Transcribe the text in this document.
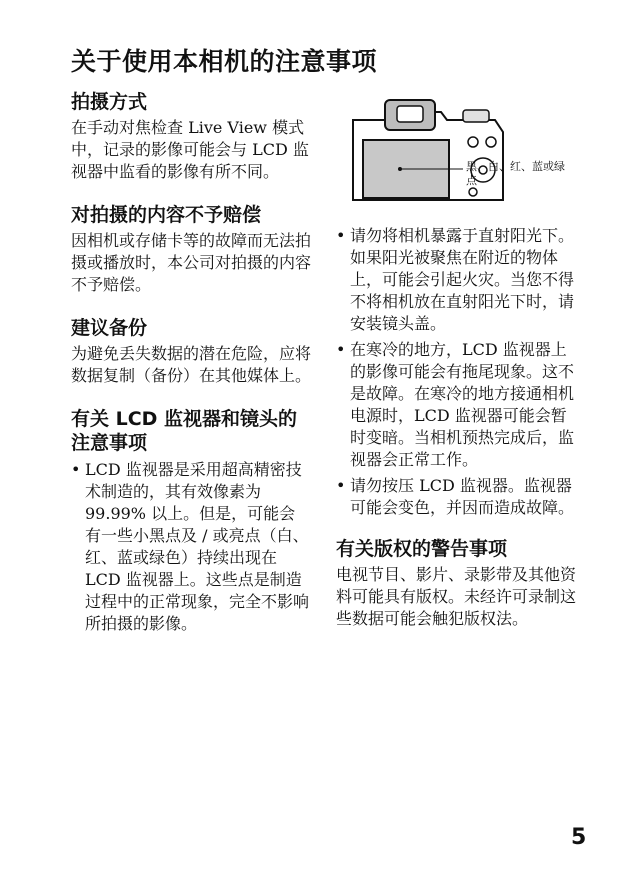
关于使用本相机的注意事项
拍摄方式

在手动对焦检查 Live View 模式中，记录的影像可能会与 LCD 监视器中监看的影像有所不同。

对拍摄的内容不予赔偿

因相机或存储卡等的故障而无法拍摄或播放时，本公司对拍摄的内容不予赔偿。

建议备份

为避免丢失数据的潜在危险，应将数据复制（备份）在其他媒体上。

有关 LCD 监视器和镜头的注意事项
• LCD 监视器是采用超高精密技术制造的，其有效像素为 99.99% 以上。但是，可能会有一些小黑点及 / 或亮点（白、红、蓝或绿色）持续出现在 LCD 监视器上。这些点是制造过程中的正常现象，完全不影响所拍摄的影像。
黑、白、红、蓝或绿点
• 请勿将相机暴露于直射阳光下。如果阳光被聚焦在附近的物体上，可能会引起火灾。当您不得不将相机放在直射阳光下时，请安装镜头盖。
• 在寒冷的地方，LCD 监视器上的影像可能会有拖尾现象。这不是故障。在寒冷的地方接通相机电源时，LCD 监视器可能会暂时变暗。当相机预热完成后，监视器会正常工作。
• 请勿按压 LCD 监视器。监视器可能会变色，并因而造成故障。
有关版权的警告事项

电视节目、影片、录影带及其他资料可能具有版权。未经许可录制这些数据可能会触犯版权法。

5
